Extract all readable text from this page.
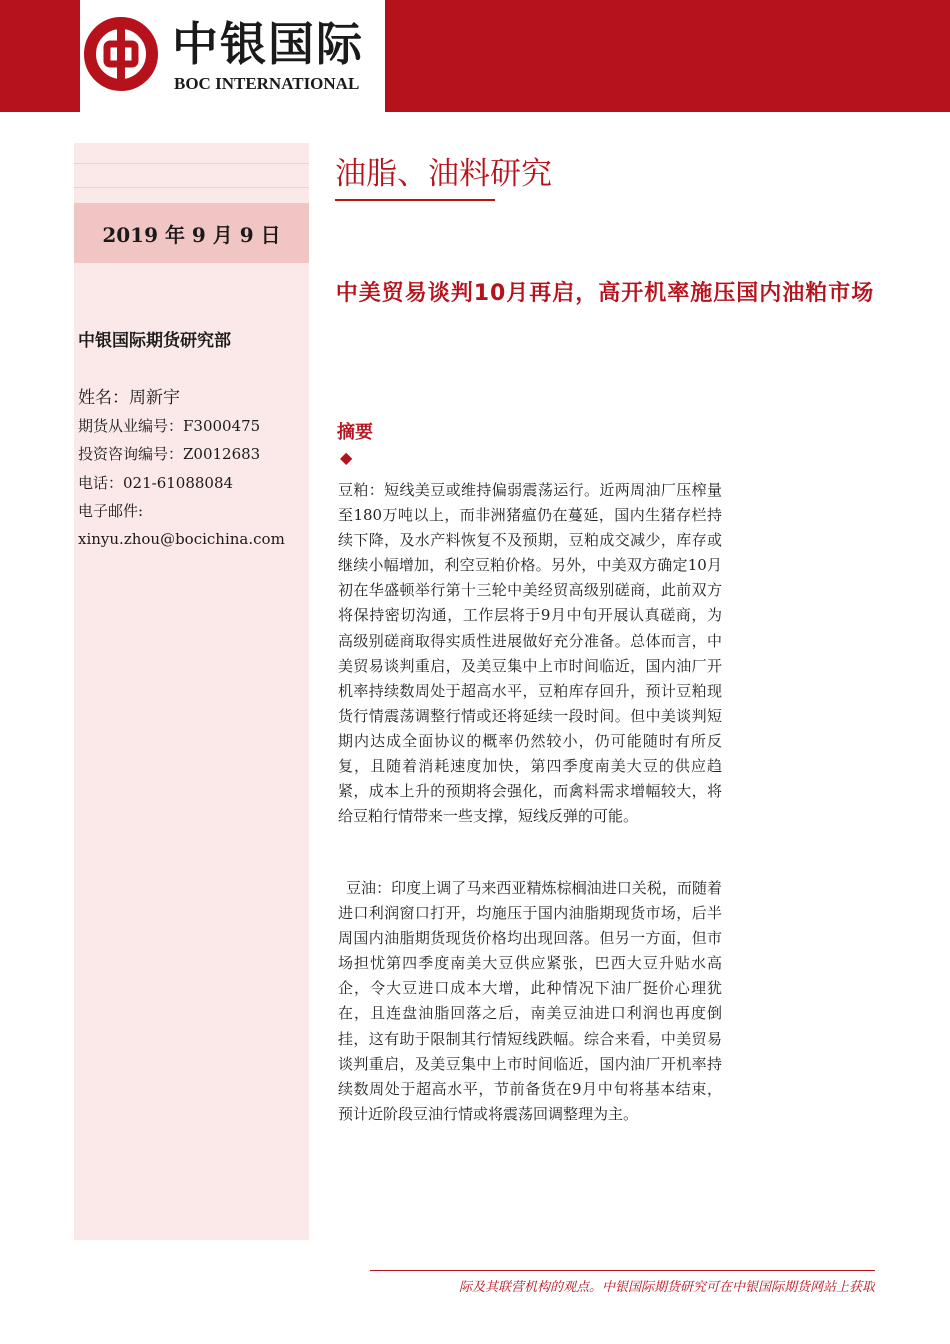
中银国际
BOC INTERNATIONAL
2019 年 9 月 9 日
中银国际期货研究部
姓名：周新宇
期货从业编号：F3000475
投资咨询编号：Z0012683
电话：021-61088084
电子邮件:
xinyu.zhou@bocichina.com
油脂、油料研究
中美贸易谈判10月再启，高开机率施压国内油粕市场
摘要
◆
豆粕：短线美豆或维持偏弱震荡运行。近两周油厂压榨量至180万吨以上，而非洲猪瘟仍在蔓延，国内生猪存栏持续下降，及水产料恢复不及预期，豆粕成交减少，库存或继续小幅增加，利空豆粕价格。另外，中美双方确定10月初在华盛顿举行第十三轮中美经贸高级别磋商，此前双方将保持密切沟通，工作层将于9月中旬开展认真磋商，为高级别磋商取得实质性进展做好充分准备。总体而言，中美贸易谈判重启，及美豆集中上市时间临近，国内油厂开机率持续数周处于超高水平，豆粕库存回升，预计豆粕现货行情震荡调整行情或还将延续一段时间。但中美谈判短期内达成全面协议的概率仍然较小，仍可能随时有所反复，且随着消耗速度加快，第四季度南美大豆的供应趋紧，成本上升的预期将会强化，而禽料需求增幅较大，将给豆粕行情带来一些支撑，短线反弹的可能。
豆油：印度上调了马来西亚精炼棕榈油进口关税，而随着进口利润窗口打开，均施压于国内油脂期现货市场，后半周国内油脂期货现货价格均出现回落。但另一方面，但市场担忧第四季度南美大豆供应紧张，巴西大豆升贴水高企，令大豆进口成本大增，此种情况下油厂挺价心理犹在，且连盘油脂回落之后，南美豆油进口利润也再度倒挂，这有助于限制其行情短线跌幅。综合来看，中美贸易谈判重启，及美豆集中上市时间临近，国内油厂开机率持续数周处于超高水平，节前备货在9月中旬将基本结束，预计近阶段豆油行情或将震荡回调整理为主。
际及其联营机构的观点。中银国际期货研究可在中银国际期货网站上获取
